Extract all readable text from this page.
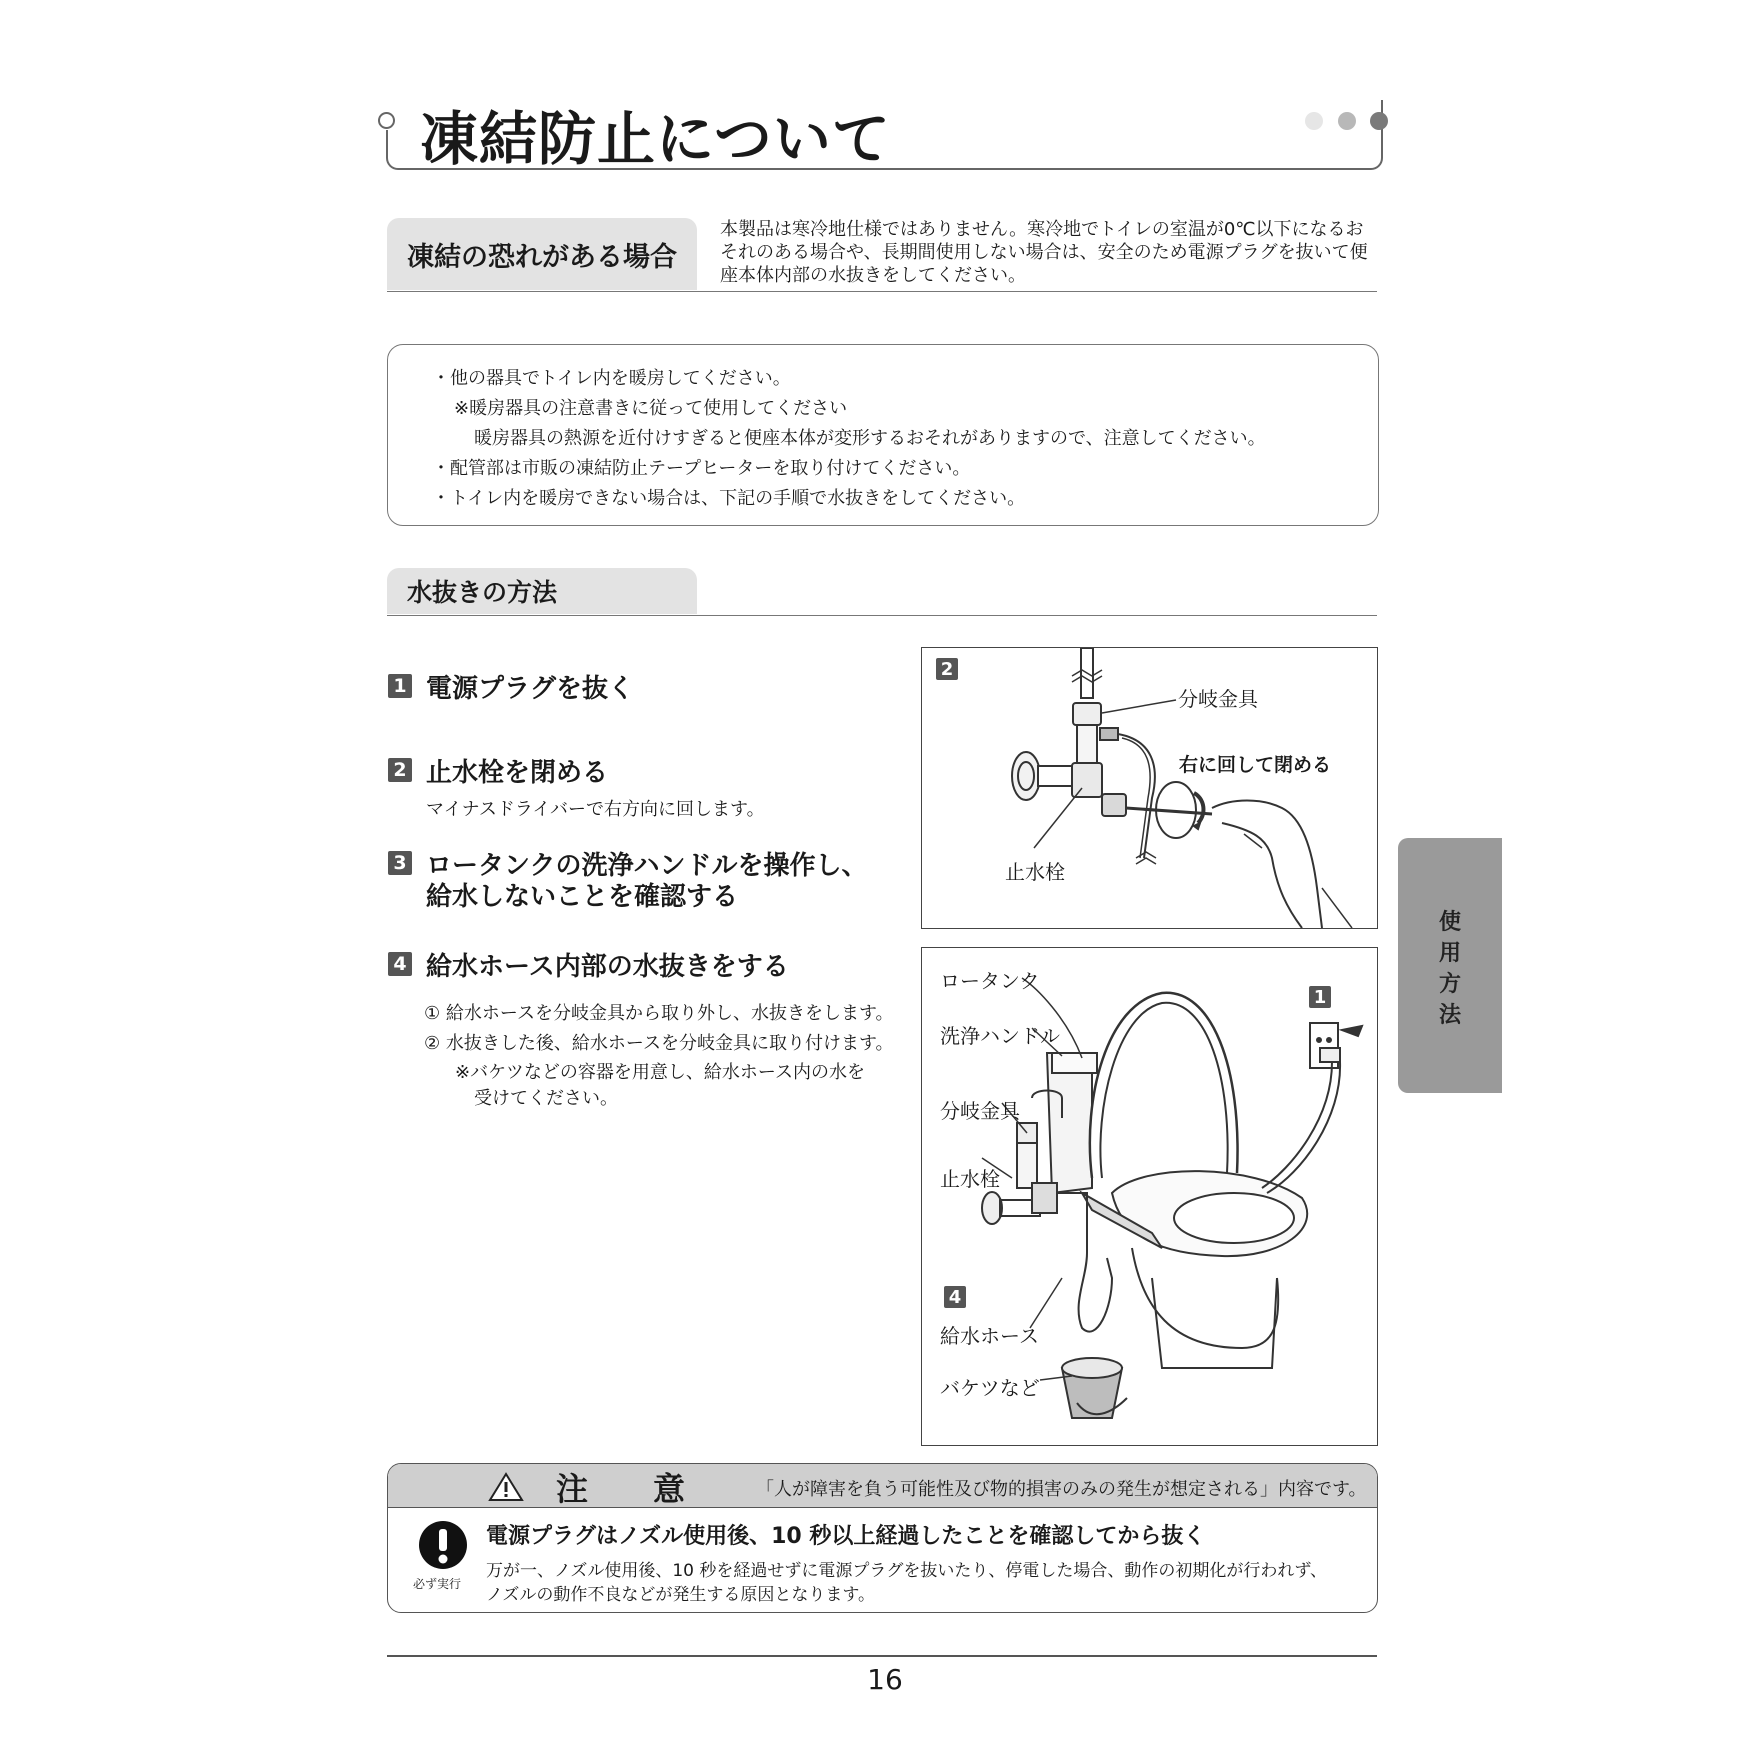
凍結防止について
凍結の恐れがある場合
本製品は寒冷地仕様ではありません。寒冷地でトイレの室温が0℃以下になるおそれのある場合や、長期間使用しない場合は、安全のため電源プラグを抜いて便座本体内部の水抜きをしてください。
・他の器具でトイレ内を暖房してください。
※暖房器具の注意書きに従って使用してください
暖房器具の熱源を近付けすぎると便座本体が変形するおそれがありますので、注意してください。
・配管部は市販の凍結防止テープヒーターを取り付けてください。
・トイレ内を暖房できない場合は、下記の手順で水抜きをしてください。
水抜きの方法
1 電源プラグを抜く
2 止水栓を閉める
マイナスドライバーで右方向に回します。
3 ロータンクの洗浄ハンドルを操作し、
給水しないことを確認する
4 給水ホース内部の水抜きをする
① 給水ホースを分岐金具から取り外し、水抜きをします。
② 水抜きした後、給水ホースを分岐金具に取り付けます。
※バケツなどの容器を用意し、給水ホース内の水を
受けてください。
2
分岐金具
右に回して閉める
止水栓
ロータンク
洗浄ハンドル
分岐金具
止水栓
4
給水ホース
バケツなど
1
使
用
方
法
注 意	「人が障害を負う可能性及び物的損害のみの発生が想定される」内容です。
必ず実行
電源プラグはノズル使用後、10 秒以上経過したことを確認してから抜く
万が一、ノズル使用後、10 秒を経過せずに電源プラグを抜いたり、停電した場合、動作の初期化が行われず、
ノズルの動作不良などが発生する原因となります。
16
